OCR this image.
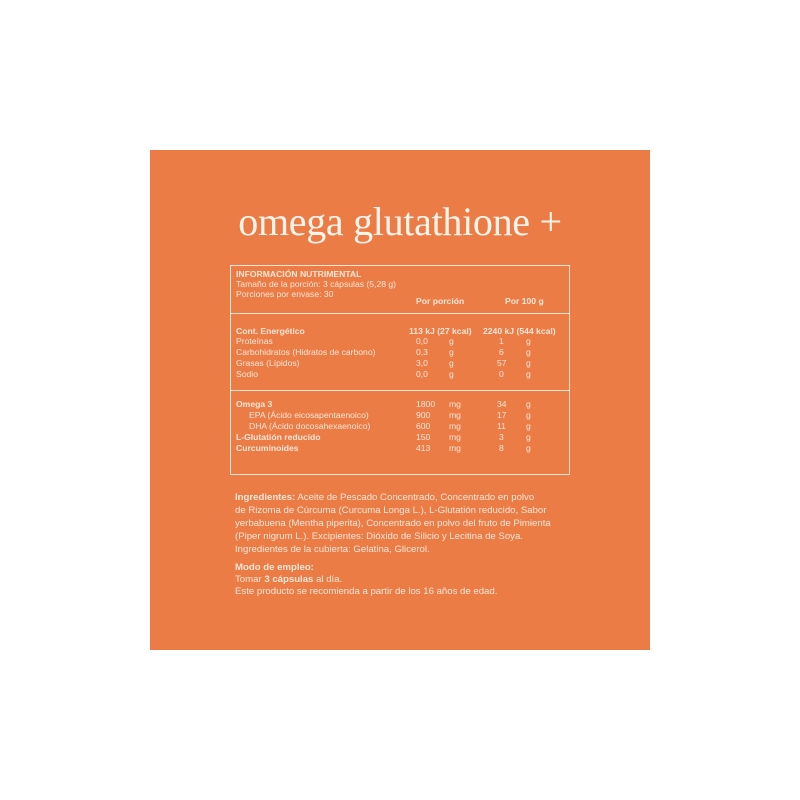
omega glutathione +
INFORMACIÓN NUTRIMENTAL
Tamaño de la porción: 3 cápsulas (5,28 g)
Porciones por envase: 30
Por porción	Por 100 g
Cont. Energético	113 kJ (27 kcal) 2240 kJ (544 kcal)
Proteínas	0,0 g	1	g
Carbohidratos (Hidratos de carbono)	0,3 g	6	g
Grasas (Lípidos)	3,0 g	57 g
Sodio	0,0 g	0	g
Omega 3	1800 mg	34 g
EPA (Ácido eicosapentaenoico)	900 mg	17 g
DHA (Ácido docosahexaenoico)	600 mg	11 g
L-Glutatión reducido	150 mg	3	g
Curcuminoides	413 mg	8	g

Ingredientes: Aceite de Pescado Concentrado, Concentrado en polvo

de Rizoma de Cúrcuma (Curcuma Longa L.), L-Glutatión reducido, Sabor

yerbabuena (Mentha piperita), Concentrado en polvo del fruto de Pimienta

(Piper nigrum L.). Excipientes: Dióxido de Silicio y Lecitina de Soya.

Ingredientes de la cubierta: Gelatina, Glicerol.

Modo de empleo:

Tomar 3 cápsulas al día.

Este producto se recomienda a partir de los 16 años de edad.
